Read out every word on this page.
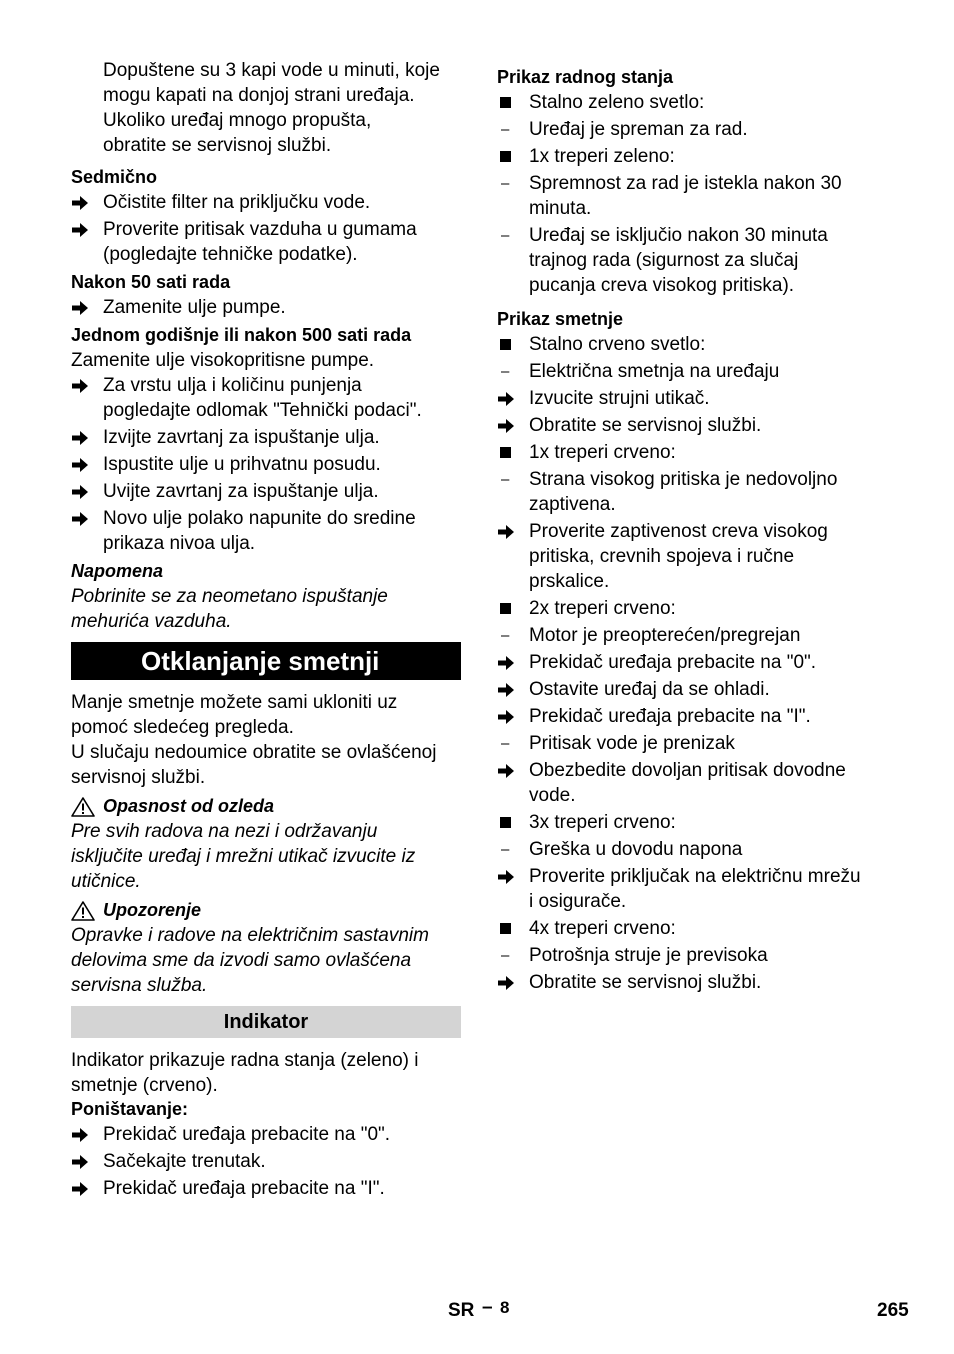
Dopuštene su 3 kapi vode u minuti, koje

mogu kapati na donjoj strani uređaja.

Ukoliko uređaj mnogo propušta,

obratite se servisnoj službi.

Sedmično

Očistite filter na priključku vode.
Proverite pritisak vazduha u gumama
(pogledajte tehničke podatke).

Nakon 50 sati rada

Zamenite ulje pumpe.

Jednom godišnje ili nakon 500 sati rada

Zamenite ulje visokopritisne pumpe.

Za vrstu ulja i količinu punjenja
pogledajte odlomak "Tehnički podaci".
Izvijte zavrtanj za ispuštanje ulja.
Ispustite ulje u prihvatnu posudu.
Uvijte zavrtanj za ispuštanje ulja.
Novo ulje polako napunite do sredine
prikaza nivoa ulja.

Napomena

Pobrinite se za neometano ispuštanje

mehurića vazduha.

Otklanjanje smetnji

Manje smetnje možete sami ukloniti uz

pomoć sledećeg pregleda.

U slučaju nedoumice obratite se ovlašćenoj

servisnoj službi.

Opasnost od ozleda

Pre svih radova na nezi i održavanju

isključite uređaj i mrežni utikač izvucite iz

utičnice.

Upozorenje

Opravke i radove na električnim sastavnim

delovima sme da izvodi samo ovlašćena

servisna služba.

Indikator

Indikator prikazuje radna stanja (zeleno) i

smetnje (crveno).

Poništavanje:

Prekidač uređaja prebacite na "0".
Sačekajte trenutak.
Prekidač uređaja prebacite na "I".

Prikaz radnog stanja

Stalno zeleno svetlo:
–	Uređaj je spreman za rad.
1x treperi zeleno:
–	Spremnost za rad je istekla nakon 30
minuta.
–	Uređaj se isključio nakon 30 minuta
trajnog rada (sigurnost za slučaj
pucanja creva visokog pritiska).

Prikaz smetnje

Stalno crveno svetlo:
–	Električna smetnja na uređaju
Izvucite strujni utikač.
Obratite se servisnoj službi.
1x treperi crveno:
–	Strana visokog pritiska je nedovoljno
zaptivena.
Proverite zaptivenost creva visokog
pritiska, crevnih spojeva i ručne
prskalice.
2x treperi crveno:
–	Motor je preopterećen/pregrejan
Prekidač uređaja prebacite na "0".
Ostavite uređaj da se ohladi.
Prekidač uređaja prebacite na "I".
–	Pritisak vode je prenizak
Obezbedite dovoljan pritisak dovodne
vode.
3x treperi crveno:
–	Greška u dovodu napona
Proverite priključak na električnu mrežu
i osigurače.
4x treperi crveno:
–	Potrošnja struje je previsoka
Obratite se servisnoj službi.
SR – 8	265
